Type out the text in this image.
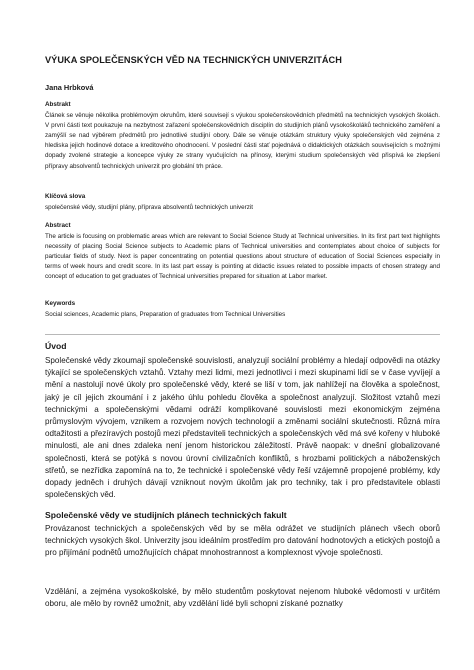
VÝUKA SPOLEČENSKÝCH VĚD NA TECHNICKÝCH UNIVERZITÁCH
Jana Hrbková
Abstrakt

Článek se věnuje několika problémovým okruhům, které souvisejí s výukou společenskovědních předmětů na technických vysokých školách. V první části text poukazuje na nezbytnost zařazení společenskovědních disciplín do studijních plánů vysokoškoláků technického zaměření a zamýšlí se nad výběrem předmětů pro jednotlivé studijní obory. Dále se věnuje otázkám struktury výuky společenských věd zejména z hlediska jejich hodinové dotace a kreditového ohodnocení. V poslední části stať pojednává o didaktických otázkách souvisejících s možnými dopady zvolené strategie a koncepce výuky ze strany vyučujících na přínosy, kterými studium společenských věd přispívá ke zlepšení přípravy absolventů technických univerzit pro globální trh práce.

Klíčová slova

společenské vědy, studijní plány, příprava absolventů technických univerzit

Abstract

The article is focusing on problematic areas which are relevant to Social Science Study at Technical universities. In its first part text highlights necessity of placing Social Science subjects to Academic plans of Technical universities and contemplates about choice of subjects for particular fields of study. Next is paper concentrating on potential questions about structure of education of Social Sciences especially in terms of week hours and credit score. In its last part essay is pointing at didactic issues related to possible impacts of chosen strategy and concept of education to get graduates of Technical universities prepared for situation at Labor market.

Keywords

Social sciences, Academic plans, Preparation of graduates from Technical Universities

Úvod

Společenské vědy zkoumají společenské souvislosti, analyzují sociální problémy a hledají odpovědi na otázky týkající se společenských vztahů. Vztahy mezi lidmi, mezi jednotlivci i mezi skupinami lidí se v čase vyvíjejí a mění a nastolují nové úkoly pro společenské vědy, které se liší v tom, jak nahlížejí na člověka a společnost, jaký je cíl jejich zkoumání i z jakého úhlu pohledu člověka a společnost analyzují. Složitost vztahů mezi technickými a společenskými vědami odráží komplikované souvislosti mezi ekonomickým zejména průmyslovým vývojem, vznikem a rozvojem nových technologií a změnami sociální skutečnosti. Různá míra odtažitosti a přezíravých postojů mezi představiteli technických a společenských věd má své kořeny v hluboké minulosti, ale ani dnes zdaleka není jenom historickou záležitostí. Právě naopak: v dnešní globalizované společnosti, která se potýká s novou úrovní civilizačních konfliktů, s hrozbami politických a náboženských střetů, se nezřídka zapomíná na to, že technické i společenské vědy řeší vzájemně propojené problémy, kdy dopady jedněch i druhých dávají vzniknout novým úkolům jak pro techniky, tak i pro představitele oblasti společenských věd.

Společenské vědy ve studijních plánech technických fakult

Provázanost technických a společenských věd by se měla odrážet ve studijních plánech všech oborů technických vysokých škol. Univerzity jsou ideálním prostředím pro datování hodnotových a etických postojů a pro přijímání podnětů umožňujících chápat mnohostrannost a komplexnost vývoje společnosti.

Vzdělání, a zejména vysokoškolské, by mělo studentům poskytovat nejenom hluboké vědomosti v určitém oboru, ale mělo by rovněž umožnit, aby vzdělání lidé byli schopni získané poznatky
